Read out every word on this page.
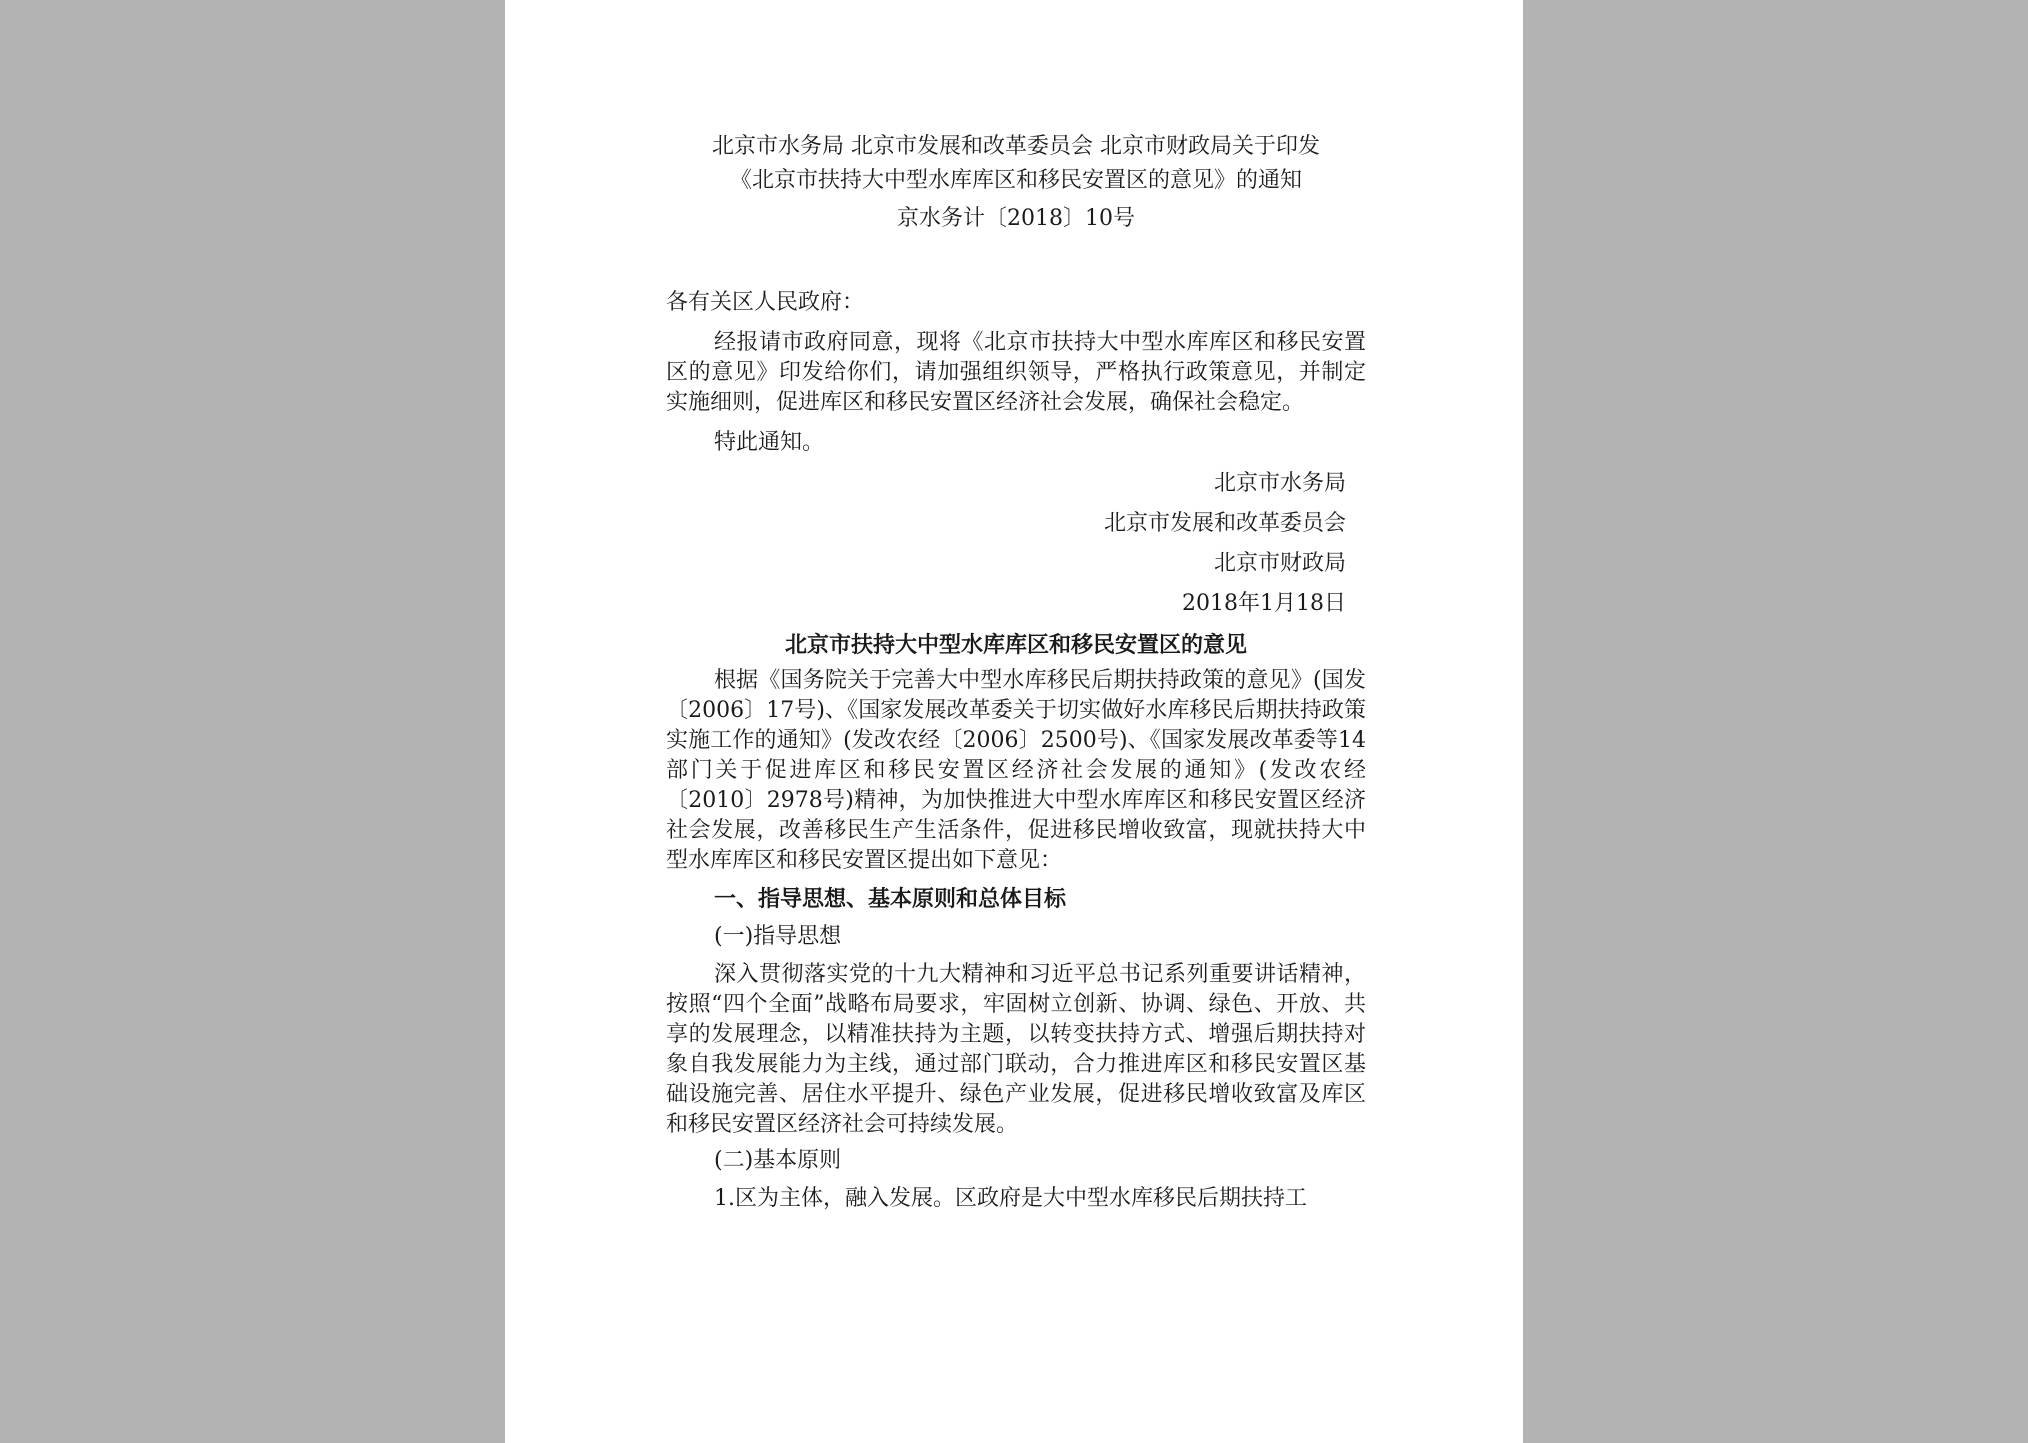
北京市水务局 北京市发展和改革委员会 北京市财政局关于印发

《北京市扶持大中型水库库区和移民安置区的意见》的通知

京水务计〔2018〕10号

各有关区人民政府：

经报请市政府同意，现将《北京市扶持大中型水库库区和移民安置区的意见》印发给你们，请加强组织领导，严格执行政策意见，并制定实施细则，促进库区和移民安置区经济社会发展，确保社会稳定。

特此通知。

北京市水务局

北京市发展和改革委员会

北京市财政局

2018年1月18日

北京市扶持大中型水库库区和移民安置区的意见

根据《国务院关于完善大中型水库移民后期扶持政策的意见》(国发〔2006〕17号)、《国家发展改革委关于切实做好水库移民后期扶持政策实施工作的通知》(发改农经〔2006〕2500号)、《国家发展改革委等14部门关于促进库区和移民安置区经济社会发展的通知》(发改农经〔2010〕2978号)精神，为加快推进大中型水库库区和移民安置区经济社会发展，改善移民生产生活条件，促进移民增收致富，现就扶持大中型水库库区和移民安置区提出如下意见：

一、指导思想、基本原则和总体目标

(一)指导思想

深入贯彻落实党的十九大精神和习近平总书记系列重要讲话精神，按照“四个全面”战略布局要求，牢固树立创新、协调、绿色、开放、共享的发展理念，以精准扶持为主题，以转变扶持方式、增强后期扶持对象自我发展能力为主线，通过部门联动，合力推进库区和移民安置区基础设施完善、居住水平提升、绿色产业发展，促进移民增收致富及库区和移民安置区经济社会可持续发展。

(二)基本原则

1.区为主体，融入发展。区政府是大中型水库移民后期扶持工
